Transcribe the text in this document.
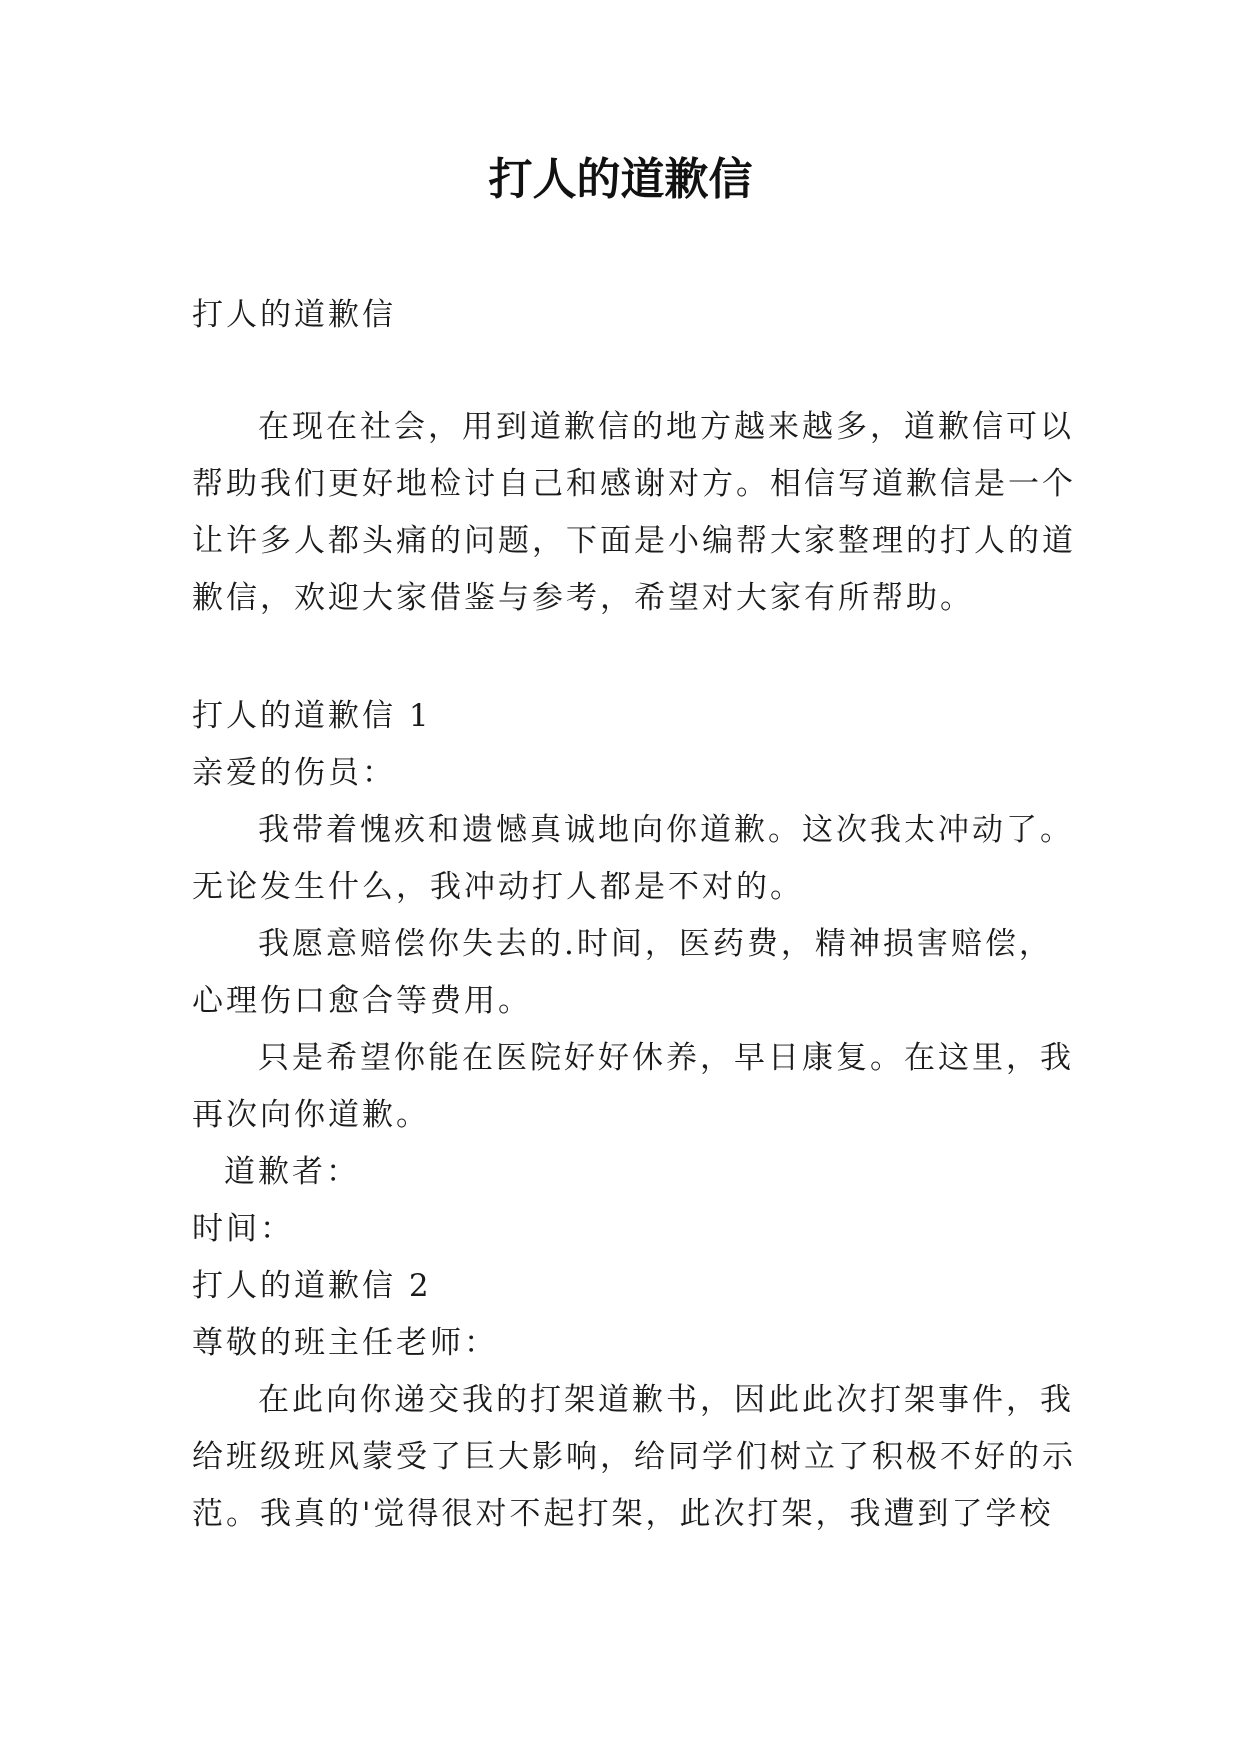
打人的道歉信
打人的道歉信
在现在社会，用到道歉信的地方越来越多，道歉信可以
帮助我们更好地检讨自己和感谢对方。相信写道歉信是一个
让许多人都头痛的问题，下面是小编帮大家整理的打人的道
歉信，欢迎大家借鉴与参考，希望对大家有所帮助。
打人的道歉信 1
亲爱的伤员：
我带着愧疚和遗憾真诚地向你道歉。这次我太冲动了。
无论发生什么，我冲动打人都是不对的。
我愿意赔偿你失去的.时间，医药费，精神损害赔偿，
心理伤口愈合等费用。
只是希望你能在医院好好休养，早日康复。在这里，我
再次向你道歉。
道歉者：
时间：
打人的道歉信 2
尊敬的班主任老师：
在此向你递交我的打架道歉书，因此此次打架事件，我
给班级班风蒙受了巨大影响，给同学们树立了积极不好的示
范。我真的'觉得很对不起打架，此次打架，我遭到了学校
